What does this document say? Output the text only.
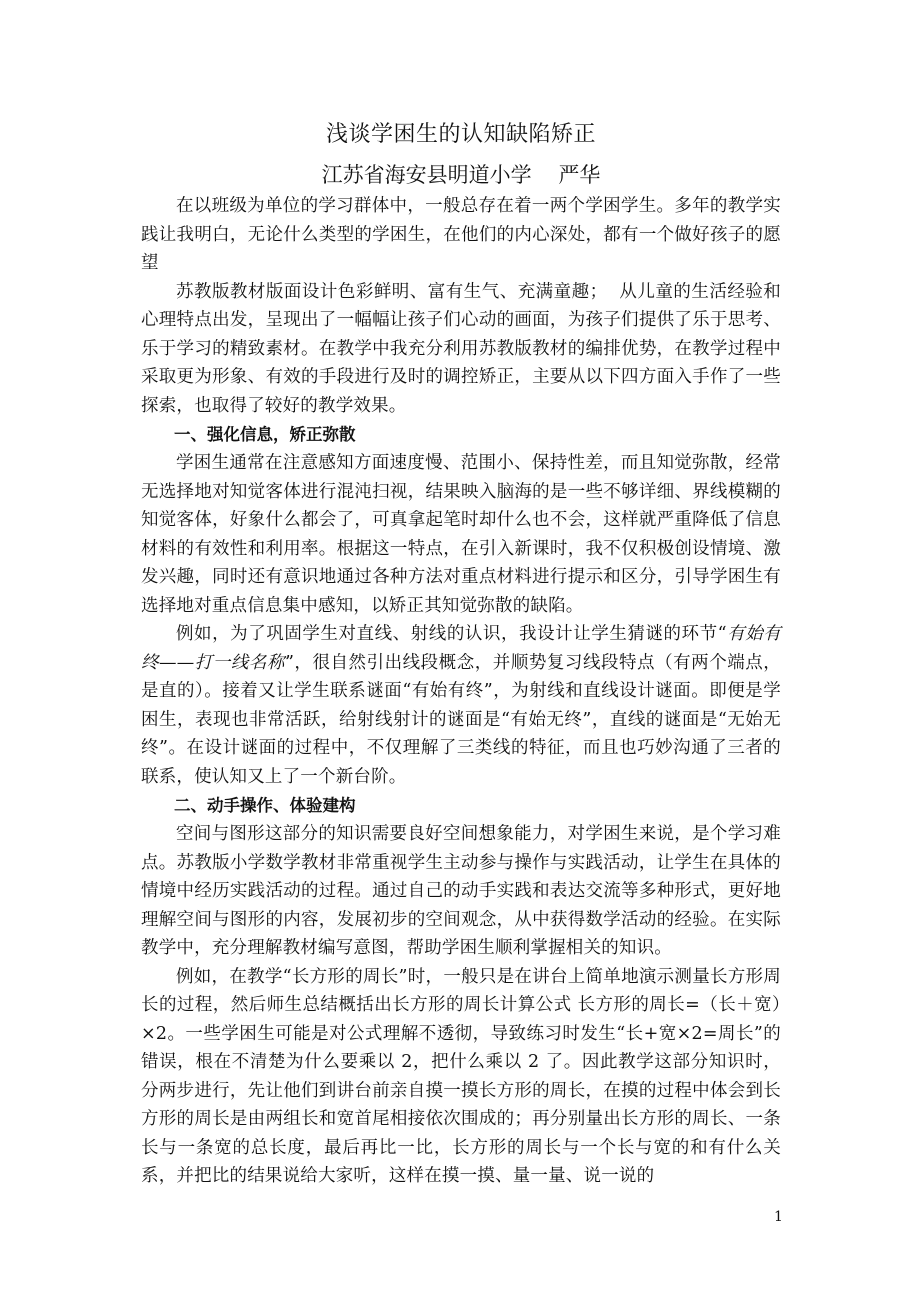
浅谈学困生的认知缺陷矫正
江苏省海安县明道小学    严华

在以班级为单位的学习群体中，一般总存在着一两个学困学生。多年的教学实践让我明白，无论什么类型的学困生，在他们的内心深处，都有一个做好孩子的愿望

苏教版教材版面设计色彩鲜明、富有生气、充满童趣；  从儿童的生活经验和心理特点出发，呈现出了一幅幅让孩子们心动的画面，为孩子们提供了乐于思考、乐于学习的精致素材。在教学中我充分利用苏教版教材的编排优势，在教学过程中采取更为形象、有效的手段进行及时的调控矫正，主要从以下四方面入手作了一些探索，也取得了较好的教学效果。

一、强化信息，矫正弥散

学困生通常在注意感知方面速度慢、范围小、保持性差，而且知觉弥散，经常无选择地对知觉客体进行混沌扫视，结果映入脑海的是一些不够详细、界线模糊的知觉客体，好象什么都会了，可真拿起笔时却什么也不会，这样就严重降低了信息材料的有效性和利用率。根据这一特点，在引入新课时，我不仅积极创设情境、激发兴趣，同时还有意识地通过各种方法对重点材料进行提示和区分，引导学困生有选择地对重点信息集中感知，以矫正其知觉弥散的缺陷。

例如，为了巩固学生对直线、射线的认识，我设计让学生猜谜的环节“有始有终——打一线名称”，很自然引出线段概念，并顺势复习线段特点（有两个端点，是直的）。接着又让学生联系谜面“有始有终”，为射线和直线设计谜面。即便是学困生，表现也非常活跃，给射线射计的谜面是“有始无终”，直线的谜面是“无始无终”。在设计谜面的过程中，不仅理解了三类线的特征，而且也巧妙沟通了三者的联系，使认知又上了一个新台阶。

二、动手操作、体验建构

空间与图形这部分的知识需要良好空间想象能力，对学困生来说，是个学习难点。苏教版小学数学教材非常重视学生主动参与操作与实践活动，让学生在具体的情境中经历实践活动的过程。通过自己的动手实践和表达交流等多种形式，更好地理解空间与图形的内容，发展初步的空间观念，从中获得数学活动的经验。在实际教学中，充分理解教材编写意图，帮助学困生顺利掌握相关的知识。

例如，在教学“长方形的周长”时，一般只是在讲台上简单地演示测量长方形周长的过程，然后师生总结概括出长方形的周长计算公式 长方形的周长=（长＋宽）×2。一些学困生可能是对公式理解不透彻，导致练习时发生“长+宽×2=周长”的错误，根在不清楚为什么要乘以 2，把什么乘以 2 了。因此教学这部分知识时，分两步进行，先让他们到讲台前亲自摸一摸长方形的周长，在摸的过程中体会到长方形的周长是由两组长和宽首尾相接依次围成的；再分别量出长方形的周长、一条长与一条宽的总长度，最后再比一比，长方形的周长与一个长与宽的和有什么关系，并把比的结果说给大家听，这样在摸一摸、量一量、说一说的

1
